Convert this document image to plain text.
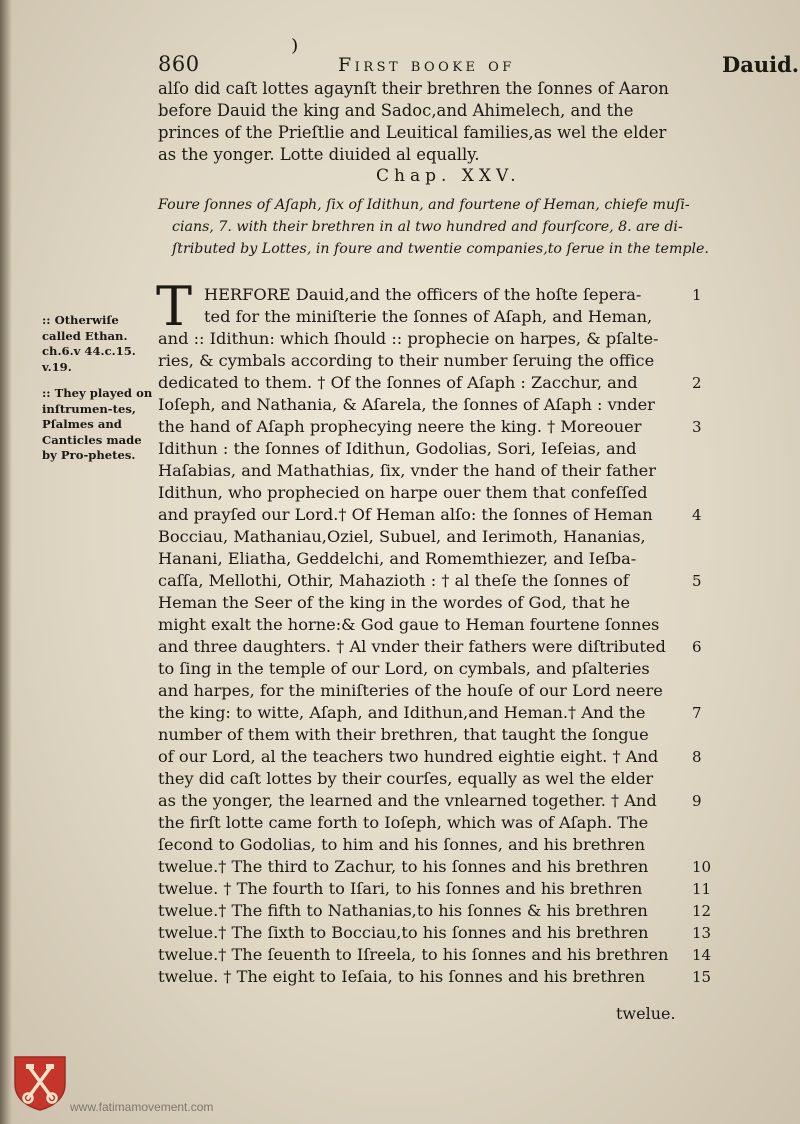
860	⁾ First booke of	Dauid.
alſo did caſt lottes agaynſt their brethren the ſonnes of Aaron
before Dauid the king and Sadoc,and Ahimelech, and the
princes of the Prieſtlie and Leuitical families,as wel the elder
as the yonger. Lotte diuided al equally.
Chap. XXV.
Foure ſonnes of Aſaph, ſix of Idithun, and fourtene of Heman, chiefe muſi-
cians, 7. with their brethren in al two hundred and fourſcore, 8. are di-
ſtributed by Lottes, in foure and twentie companies,to ſerue in the temple.
T
:: Otherwiſe called Ethan. ch.6.v 44.c.15. v.19.
:: They played on inſtrumen-tes, Pſalmes and Canticles made by Pro-phetes.
HERFORE Dauid,and the officers of the hoſte ſepera-
ted for the miniſterie the ſonnes of Aſaph, and Heman,
and :: Idithun: which ſhould :: propheciе on harpes, & pſalte-
ries, & cymbals according to their number ſeruing the office
dedicated to them. † Of the ſonnes of Aſaph : Zacchur, and
Ioſeph, and Nathania, & Aſarela, the ſonnes of Aſaph : vnder
the hand of Aſaph prophecying neere the king. † Moreouer
Idithun : the ſonnes of Idithun, Godolias, Sori, Ieſeias, and
Haſabias, and Mathathias, ſix, vnder the hand of their father
Idithun, who prophecied on harpe ouer them that confeſſed
and prayſed our Lord.† Of Heman alſo: the ſonnes of Heman
Bocciau, Mathaniau,Oziel, Subuel, and Ierimoth, Hananias,
Hanani, Eliatha, Geddelchi, and Romemthiezer, and Ieſba-
caſſa, Mellothi, Othir, Mahazioth : † al theſe the ſonnes of
Heman the Seer of the king in the wordes of God, that he
might exalt the horne:& God gaue to Heman fourtene ſonnes
and three daughters. † Al vnder their fathers were diſtributed
to ſing in the temple of our Lord, on cymbals, and pſalteries
and harpes, for the miniſteries of the houſe of our Lord neere
the king: to witte, Aſaph, and Idithun,and Heman.† And the
number of them with their brethren, that taught the ſongue
of our Lord, al the teachers two hundred eightie eight. † And
they did caſt lottes by their courſes, equally as wel the elder
as the yonger, the learned and the vnlearned together. † And
the firſt lotte came forth to Ioſeph, which was of Aſaph. The
ſecond to Godolias, to him and his ſonnes, and his brethren
twelue.† The third to Zachur, to his ſonnes and his brethren
twelue. † The fourth to Iſari, to his ſonnes and his brethren
twelue.† The fifth to Nathanias,to his ſonnes & his brethren
twelue.† The ſixth to Bocciau,to his ſonnes and his brethren
twelue.† The ſeuenth to Iſreela, to his ſonnes and his brethren
twelue. † The eight to Ieſaia, to his ſonnes and his brethren
1
2
3
4
5
6
7
8
9
10
11
12
13
14
15
twelue.
www.fatimamovement.com
